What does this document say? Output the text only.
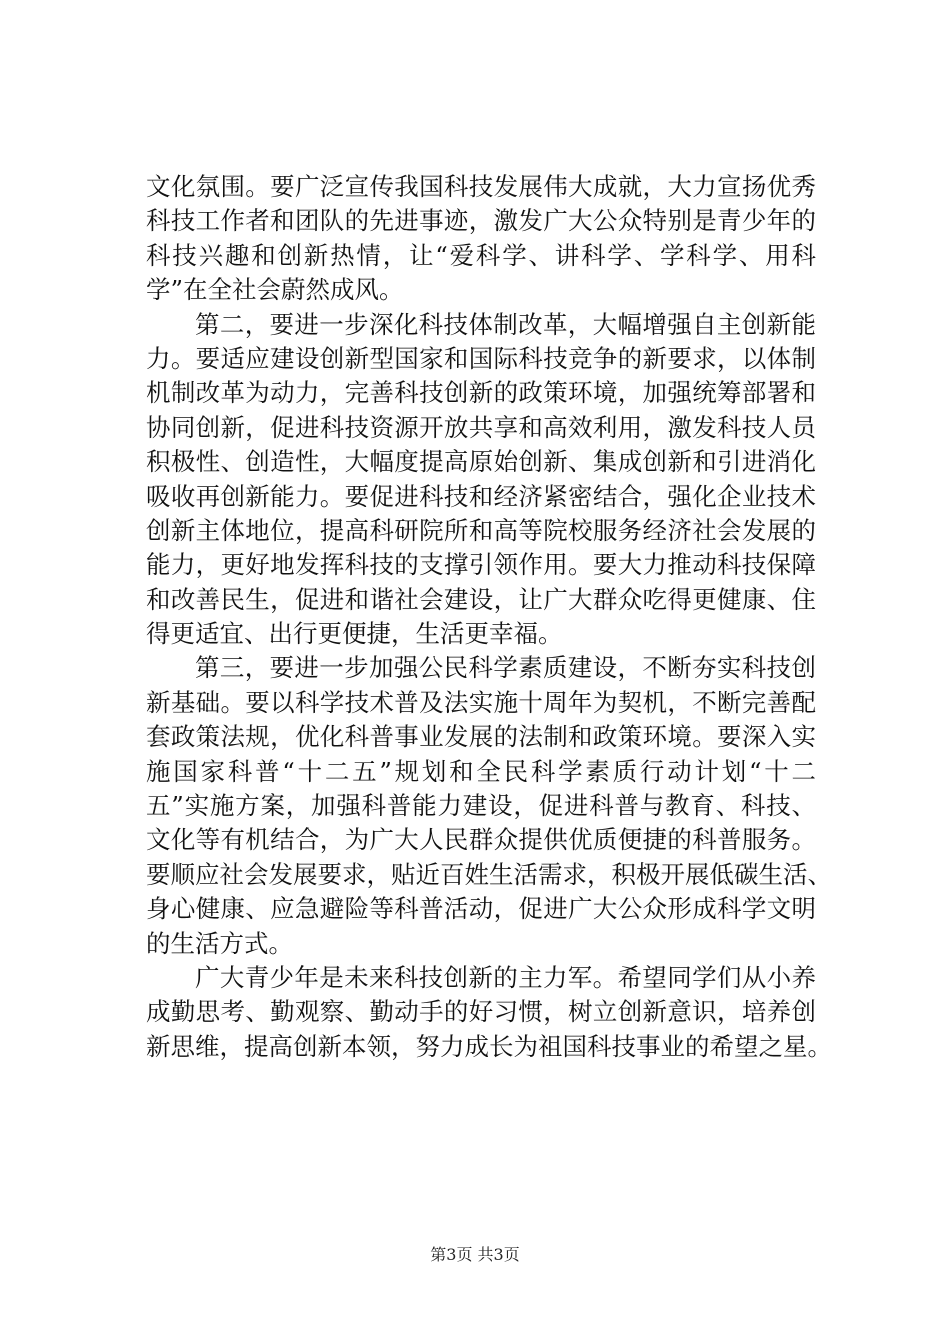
文化氛围。要广泛宣传我国科技发展伟大成就，大力宣扬优秀
科技工作者和团队的先进事迹，激发广大公众特别是青少年的
科技兴趣和创新热情，让“爱科学、讲科学、学科学、用科
学”在全社会蔚然成风。
第二，要进一步深化科技体制改革，大幅增强自主创新能
力。要适应建设创新型国家和国际科技竞争的新要求，以体制
机制改革为动力，完善科技创新的政策环境，加强统筹部署和
协同创新，促进科技资源开放共享和高效利用，激发科技人员
积极性、创造性，大幅度提高原始创新、集成创新和引进消化
吸收再创新能力。要促进科技和经济紧密结合，强化企业技术
创新主体地位，提高科研院所和高等院校服务经济社会发展的
能力，更好地发挥科技的支撑引领作用。要大力推动科技保障
和改善民生，促进和谐社会建设，让广大群众吃得更健康、住
得更适宜、出行更便捷，生活更幸福。
第三，要进一步加强公民科学素质建设，不断夯实科技创
新基础。要以科学技术普及法实施十周年为契机，不断完善配
套政策法规，优化科普事业发展的法制和政策环境。要深入实
施国家科普“十二五”规划和全民科学素质行动计划“十二
五”实施方案，加强科普能力建设，促进科普与教育、科技、
文化等有机结合，为广大人民群众提供优质便捷的科普服务。
要顺应社会发展要求，贴近百姓生活需求，积极开展低碳生活、
身心健康、应急避险等科普活动，促进广大公众形成科学文明
的生活方式。
广大青少年是未来科技创新的主力军。希望同学们从小养
成勤思考、勤观察、勤动手的好习惯，树立创新意识，培养创
新思维，提高创新本领，努力成长为祖国科技事业的希望之星。
第3页 共3页
